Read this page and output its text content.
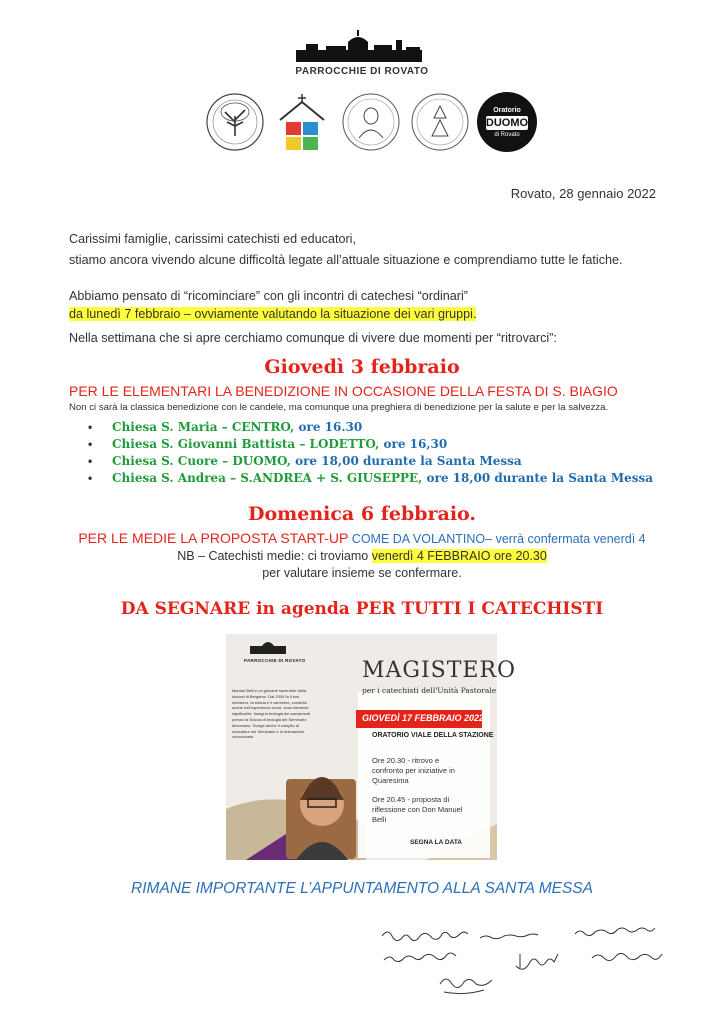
PARROCCHIE DI ROVATO
Oratorio
DUOMO
di Rovato
Rovato, 28 gennaio 2022
Carissimi famiglie, carissimi catechisti ed educatori,
stiamo ancora vivendo alcune difficoltà legate all’attuale situazione e comprendiamo tutte le fatiche.
Abbiamo pensato di “ricominciare” con gli incontri di catechesi “ordinari”
da lunedì 7 febbraio – ovviamente valutando la situazione dei vari gruppi.
Nella settimana che si apre cerchiamo comunque di vivere due momenti per “ritrovarci”:
Giovedì 3 febbraio
PER LE ELEMENTARI LA BENEDIZIONE IN OCCASIONE DELLA FESTA DI S. BIAGIO
Non ci sarà la classica benedizione con le candele, ma comunque una preghiera di benedizione per la salute e per la salvezza.
• Chiesa S. Maria – CENTRO, ore 16.30
• Chiesa S. Giovanni Battista – LODETTO, ore 16,30
• Chiesa S. Cuore – DUOMO, ore 18,00 durante la Santa Messa
• Chiesa S. Andrea – S.ANDREA + S. GIUSEPPE, ore 18,00 durante la Santa Messa
Domenica 6 febbraio.
PER LE MEDIE LA PROPOSTA START-UP COME DA VOLANTINO– verrà confermata venerdì 4
NB – Catechisti medie: ci troviamo venerdì 4 FEBBRAIO ore 20.30
per valutare insieme se confermare.
DA SEGNARE in agenda PER TUTTI I CATECHISTI
PARROCCHIE DI ROVATO	MAGISTERO
per i catechisti dell'Unità Pastorale
GIOVEDÌ 17 FEBBRAIO 2022
ORATORIO VIALE DELLA STAZIONE
Ore 20.30 - ritrovo e confronto per iniziative in Quaresima
Ore 20.45 - proposta di riflessione con Don Manuel Belli
SEGNA LA DATA
Manuel Belli è un giovane sacerdote della diocesi di Bergamo. Dal 2009 fa il suo ministero, la strada e il cammino, condivisi anche nell'esperienza scout, sono elementi significativi. Insegna teologia dei sacramenti presso la Scuola di teologia del Seminario diocesano. Svolge anche il compito di educatore nel Seminario e di animazione vocazionale.
RIMANE IMPORTANTE L’APPUNTAMENTO ALLA SANTA MESSA
